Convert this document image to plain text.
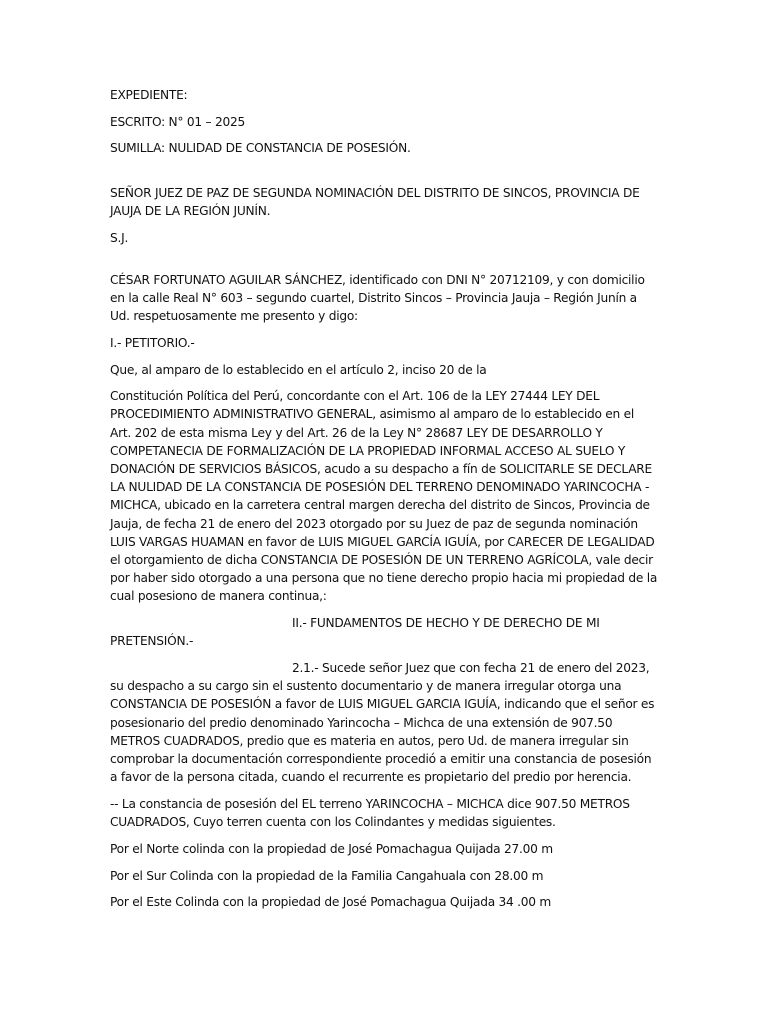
EXPEDIENTE:

ESCRITO: N° 01 – 2025

SUMILLA: NULIDAD DE CONSTANCIA DE POSESIÓN.

SEÑOR JUEZ DE PAZ DE SEGUNDA NOMINACIÓN DEL DISTRITO DE SINCOS, PROVINCIA DE JAUJA DE LA REGIÓN JUNÍN.

S.J.

CÉSAR FORTUNATO AGUILAR SÁNCHEZ, identificado con DNI N° 20712109, y con domicilio en la calle Real N° 603 – segundo cuartel, Distrito Sincos – Provincia Jauja – Región Junín a Ud. respetuosamente me presento y digo:

I.- PETITORIO.-

Que, al amparo de lo establecido en el artículo 2, inciso 20 de la

Constitución Política del Perú, concordante con el Art. 106 de la LEY 27444 LEY DEL PROCEDIMIENTO ADMINISTRATIVO GENERAL, asimismo al amparo de lo establecido en el Art. 202 de esta misma Ley y del Art. 26 de la Ley N° 28687 LEY DE DESARROLLO Y COMPETANECIA DE FORMALIZACIÓN DE LA PROPIEDAD INFORMAL ACCESO AL SUELO Y DONACIÓN DE SERVICIOS BÁSICOS, acudo a su despacho a fín de SOLICITARLE SE DECLARE LA NULIDAD DE LA CONSTANCIA DE POSESIÓN DEL TERRENO DENOMINADO YARINCOCHA - MICHCA, ubicado en la carretera central margen derecha del distrito de Sincos, Provincia de Jauja, de fecha 21 de enero del 2023 otorgado por su Juez de paz de segunda nominación LUIS VARGAS HUAMAN en favor de LUIS MIGUEL GARCÍA IGUÍA, por CARECER DE LEGALIDAD el otorgamiento de dicha CONSTANCIA DE POSESIÓN DE UN TERRENO AGRÍCOLA, vale decir por haber sido otorgado a una persona que no tiene derecho propio hacia mi propiedad de la cual posesiono de manera continua,:

II.- FUNDAMENTOS DE HECHO Y DE DERECHO DE MI

PRETENSIÓN.-

2.1.- Sucede señor Juez que con fecha 21 de enero del 2023, su despacho a su cargo sin el sustento documentario y de manera irregular otorga una CONSTANCIA DE POSESIÓN a favor de LUIS MIGUEL GARCIA IGUÍA, indicando que el señor es posesionario del predio denominado Yarincocha – Michca de una extensión de 907.50 METROS CUADRADOS, predio que es materia en autos, pero Ud. de manera irregular sin comprobar la documentación correspondiente procedió a emitir una constancia de posesión a favor de la persona citada, cuando el recurrente es propietario del predio por herencia.

-- La constancia de posesión del EL terreno YARINCOCHA – MICHCA dice 907.50 METROS CUADRADOS, Cuyo terren cuenta con los Colindantes y medidas siguientes.

Por el Norte colinda con la propiedad de José Pomachagua Quijada 27.00 m

Por el Sur Colinda con la propiedad de la Familia Cangahuala con 28.00 m

Por el Este Colinda con la propiedad de José Pomachagua Quijada 34 .00 m
